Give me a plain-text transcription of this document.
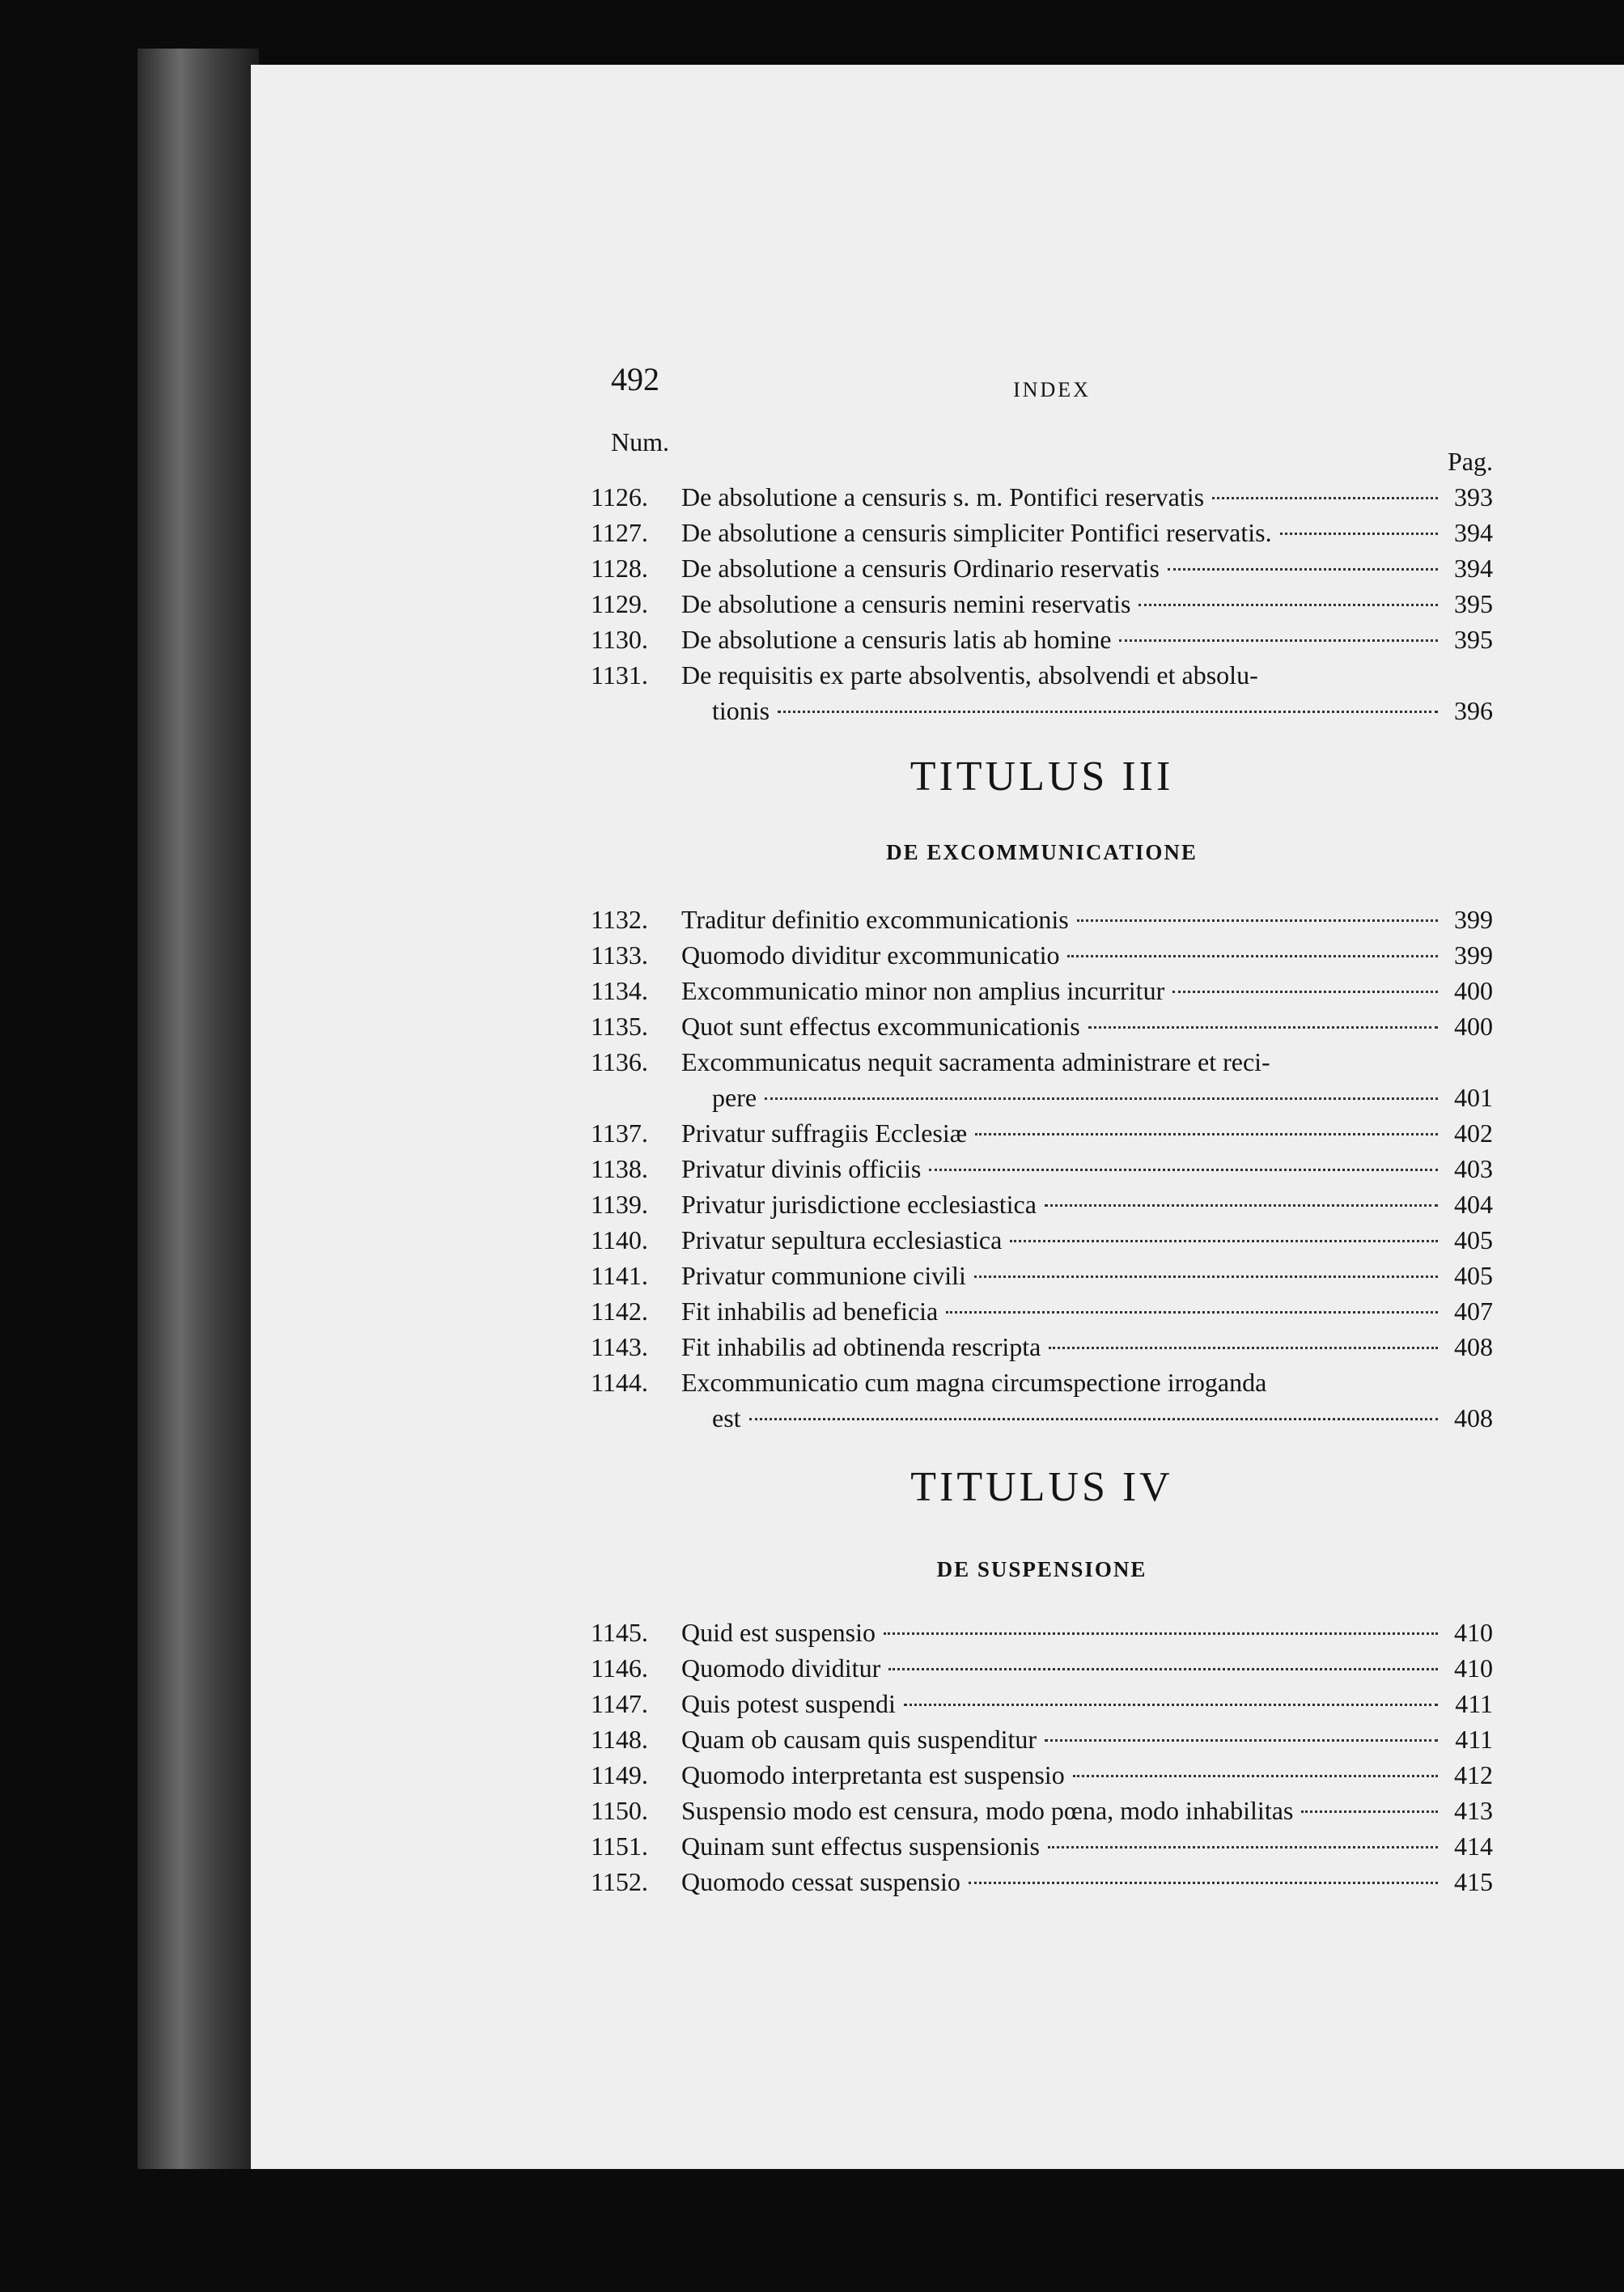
492	INDEX
Num.
Pag.
1126.	De absolutione a censuris s. m. Pontifici reservatis	393
1127.	De absolutione a censuris simpliciter Pontifici reservatis.	394
1128.	De absolutione a censuris Ordinario reservatis	394
1129.	De absolutione a censuris nemini reservatis	395
1130.	De absolutione a censuris latis ab homine	395
1131.	De requisitis ex parte absolventis, absolvendi et absolu-
tionis	396
TITULUS III
DE EXCOMMUNICATIONE
1132.	Traditur definitio excommunicationis	399
1133.	Quomodo dividitur excommunicatio	399
1134.	Excommunicatio minor non amplius incurritur	400
1135.	Quot sunt effectus excommunicationis	400
1136.	Excommunicatus nequit sacramenta administrare et reci-
pere	401
1137.	Privatur suffragiis Ecclesiæ	402
1138.	Privatur divinis officiis	403
1139.	Privatur jurisdictione ecclesiastica	404
1140.	Privatur sepultura ecclesiastica	405
1141.	Privatur communione civili	405
1142.	Fit inhabilis ad beneficia	407
1143.	Fit inhabilis ad obtinenda rescripta	408
1144.	Excommunicatio cum magna circumspectione irroganda
est	408
TITULUS IV
DE SUSPENSIONE
1145.	Quid est suspensio	410
1146.	Quomodo dividitur	410
1147.	Quis potest suspendi	411
1148.	Quam ob causam quis suspenditur	411
1149.	Quomodo interpretanta est suspensio	412
1150.	Suspensio modo est censura, modo pœna, modo inhabilitas	413
1151.	Quinam sunt effectus suspensionis	414
1152.	Quomodo cessat suspensio	415
